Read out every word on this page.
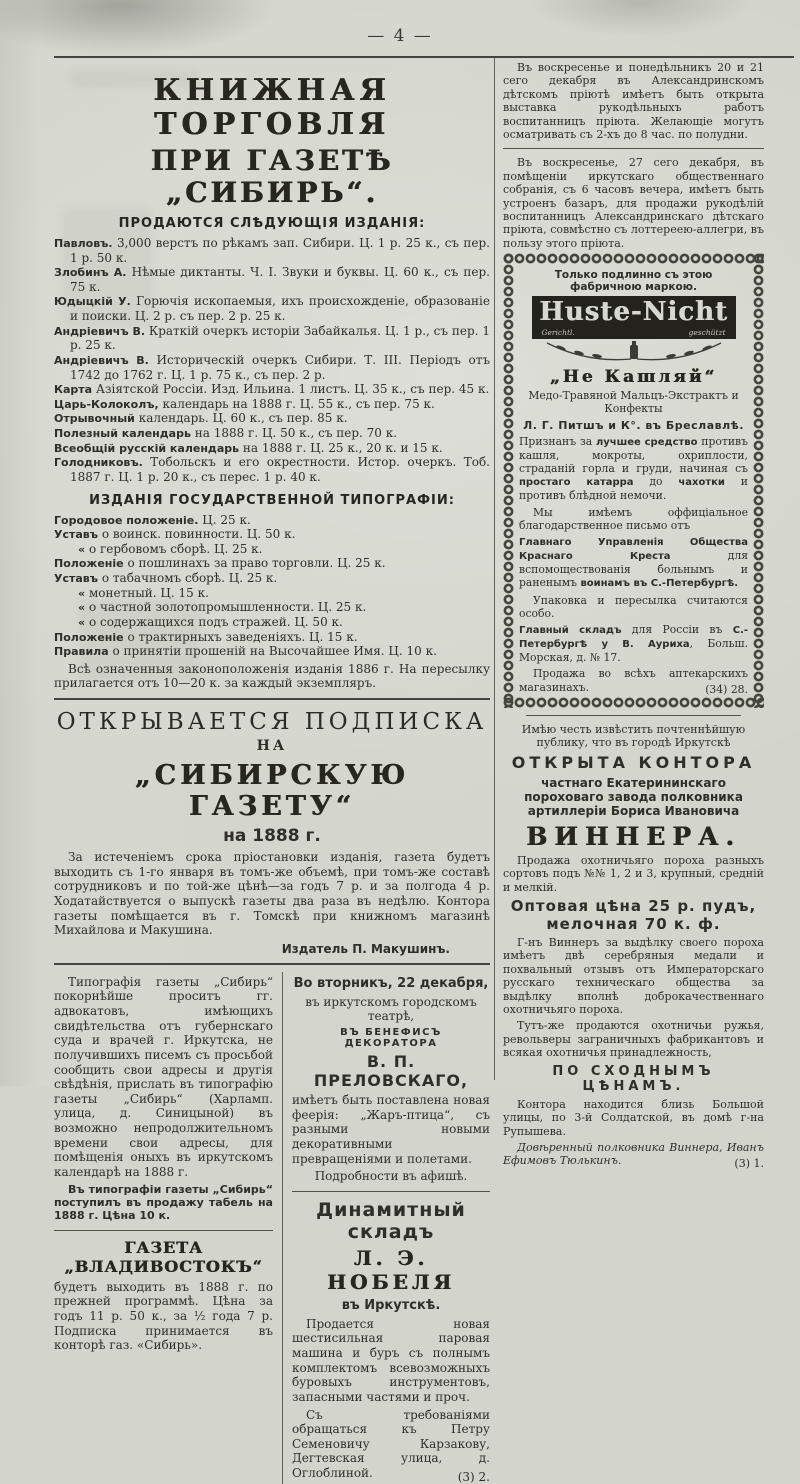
— 4 —
КНИЖНАЯ ТОРГОВЛЯ
ПРИ ГАЗЕТѢ „СИБИРЬ“.
ПРОДАЮТСЯ СЛѢДУЮЩІЯ ИЗДАНІЯ:

Павловъ. 3,000 верстъ по рѣкамъ зап. Сибири. Ц. 1 р. 25 к., съ пер. 1 р. 50 к.

Злобинъ А. Нѣмые диктанты. Ч. I. Звуки и буквы. Ц. 60 к., съ пер. 75 к.

Юдыцкій У. Горючія ископаемыя, ихъ происхожденіе, образованіе и поиски. Ц. 2 р. съ пер. 2 р. 25 к.

Андріевичъ В. Краткій очеркъ исторіи Забайкалья. Ц. 1 р., съ пер. 1 р. 25 к.

Андріевичъ В. Историческій очеркъ Сибири. Т. III. Періодъ отъ 1742 до 1762 г. Ц. 1 р. 75 к., съ пер. 2 р.

Карта Азіятской Россіи. Изд. Ильина. 1 листъ. Ц. 35 к., съ пер. 45 к.

Царь-Колоколъ, календарь на 1888 г. Ц. 55 к., съ пер. 75 к.

Отрывочный календарь. Ц. 60 к., съ пер. 85 к.

Полезный календарь на 1888 г. Ц. 50 к., съ пер. 70 к.

Всеобщій русскій календарь на 1888 г. Ц. 25 к., 20 к. и 15 к.

Голодниковъ. Тобольскъ и его окрестности. Истор. очеркъ. Тоб. 1887 г. Ц. 1 р. 20 к., съ перес. 1 р. 40 к.

ИЗДАНІЯ ГОСУДАРСТВЕННОЙ ТИПОГРАФІИ:

Городовое положеніе. Ц. 25 к.

Уставъ о воинск. повинности. Ц. 50 к.

« о гербовомъ сборѣ. Ц. 25 к.

Положеніе о пошлинахъ за право торговли. Ц. 25 к.

Уставъ о табачномъ сборѣ. Ц. 25 к.

« монетный. Ц. 15 к.

« о частной золотопромышленности. Ц. 25 к.

« о содержащихся подъ стражей. Ц. 50 к.

Положеніе о трактирныхъ заведеніяхъ. Ц. 15 к.

Правила о принятіи прошеній на Высочайшее Имя. Ц. 10 к.

Всѣ означенныя законоположенія изданія 1886 г. На пересылку прилагается отъ 10—20 к. за каждый экземпляръ.

ОТКРЫВАЕТСЯ ПОДПИСКА
НА
„СИБИРСКУЮ ГАЗЕТУ“
на 1888 г.

За истеченіемъ срока пріостановки изданія, газета будетъ выходить съ 1-го января въ томъ-же объемѣ, при томъ-же составѣ сотрудниковъ и по той-же цѣнѣ—за годъ 7 р. и за полгода 4 р. Ходатайствуется о выпускѣ газеты два раза въ недѣлю. Контора газеты помѣщается въ г. Томскѣ при книжномъ магазинѣ Михайлова и Макушина.

Издатель П. Макушинъ.

Типографія газеты „Сибирь“ покорнѣйше проситъ гг. адвокатовъ, имѣющихъ свидѣтельства отъ губернскаго суда и врачей г. Иркутска, не получившихъ писемъ съ просьбой сообщить свои адресы и другія свѣдѣнія, прислать въ типографію газеты „Сибирь“ (Харламп. улица, д. Синицыной) въ возможно непродолжительномъ времени свои адресы, для помѣщенія оныхъ въ иркутскомъ календарѣ на 1888 г.

Въ типографіи газеты „Сибирь“ поступилъ въ продажу табель на 1888 г. Цѣна 10 к.

ГАЗЕТА „ВЛАДИВОСТОКЪ“

будетъ выходить въ 1888 г. по прежней программѣ. Цѣна за годъ 11 р. 50 к., за ½ года 7 р. Подписка принимается въ конторѣ газ. «Сибирь».

Во вторникъ, 22 декабря,
въ иркутскомъ городскомъ театрѣ,
ВЪ БЕНЕФИСЪ ДЕКОРАТОРА
В. П. ПРЕЛОВСКАГО,

имѣетъ быть поставлена новая феерія: „Жаръ-птица“, съ разными новыми декоративными превращеніями и полетами.

Подробности въ афишѣ.
Динамитный складъ
Л. Э. НОБЕЛЯ
въ Иркутскѣ.

Продается новая шестисильная паровая машина и буръ съ полнымъ комплектомъ всевозможныхъ буровыхъ инструментовъ, запасными частями и проч.

Съ требованіями обращаться къ Петру Семеновичу Карзакову, Дегтевская улица, д. Оглоблиной.	(3) 2.

Въ воскресенье и понедѣльникъ 20 и 21 сего декабря въ Александринскомъ дѣтскомъ пріютѣ имѣетъ быть открыта выставка рукодѣльныхъ работъ воспитанницъ пріюта. Желающіе могутъ осматривать съ 2-хъ до 8 час. по полудни.

Въ воскресенье, 27 сего декабря, въ помѣщеніи иркутскаго общественнаго собранія, съ 6 часовъ вечера, имѣетъ быть устроенъ базаръ, для продажи рукодѣлій воспитанницъ Александринскаго дѣтскаго пріюта, совмѣстно съ лоттереею-аллегри, въ пользу этого пріюта.

Только подлинно съ этою фабричною маркою.
Huste-Nicht
Gerichtl.	geschützt
„Не Кашляй“
Медо-Травяной Мальцъ-Экстрактъ и Конфекты
Л. Г. Питшъ и К°. въ Бреславлѣ.

Признанъ за лучшее средство противъ кашля, мокроты, охриплости, страданій горла и груди, начиная съ простаго катарра до чахотки и противъ блѣдной немочи.

Мы имѣемъ оффиціальное благодарственное письмо отъ

Главнаго Управленія Общества Краснаго Креста для вспомоществованія больнымъ и раненымъ воинамъ въ С.-Петербургѣ.

Упаковка и пересылка считаются особо.

Главный складъ для Россіи въ С.-Петербургѣ у В. Ауриха, Больш. Морская, д. № 17.

Продажа во всѣхъ аптекарскихъ магазинахъ.	(34) 28.

Имѣю честь извѣстить почтеннѣйшую публику, что въ городѣ Иркутскѣ

ОТКРЫТА КОНТОРА
частнаго Екатерининскаго пороховаго завода полковника артиллеріи Бориса Ивановича
ВИННЕРА.

Продажа охотничьяго пороха разныхъ сортовъ подъ №№ 1, 2 и 3, крупный, средній и мелкій.

Оптовая цѣна 25 р. пудъ, мелочная 70 к. ф.

Г-нъ Виннеръ за выдѣлку своего пороха имѣетъ двѣ серебряныя медали и похвальный отзывъ отъ Императорскаго русскаго техническаго общества за выдѣлку вполнѣ доброкачественнаго охотничьяго пороха.

Тутъ-же продаются охотничьи ружья, револьверы заграничныхъ фабрикантовъ и всякая охотничья принадлежность,

ПО СХОДНЫМЪ ЦѢНАМЪ.

Контора находится близь Большой улицы, по 3-й Солдатской, въ домѣ г-на Рупышева.

Довѣренный полковника Виннера, Иванъ Ефимовъ Тюлькинъ.	(3) 1.
